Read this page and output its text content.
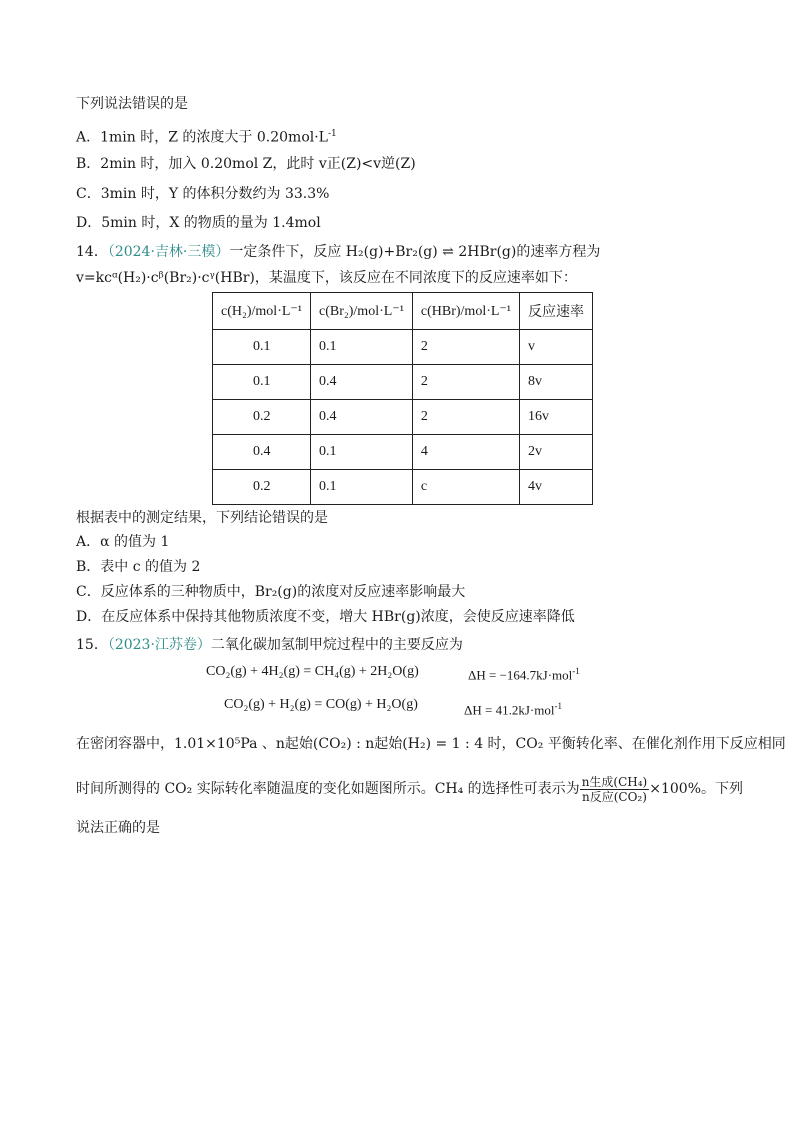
下列说法错误的是
A．1min 时，Z 的浓度大于 $0.20mol\cdot L^{-1}$
B．2min 时，加入 0.20mol Z，此时 v正(Z)<v逆(Z)
C．3min 时，Y 的体积分数约为 33.3%
D．5min 时，X 的物质的量为 1.4mol
14．（2024·吉林·三模）一定条件下，反应 H₂(g)+Br₂(g) ⇌ 2HBr(g)的速率方程为
v=kcᵅ(H₂)·cᵝ(Br₂)·cᵞ(HBr)，某温度下，该反应在不同浓度下的反应速率如下：
c(H₂)/mol·L⁻¹	c(Br₂)/mol·L⁻¹	c(HBr)/mol·L⁻¹	反应速率
0.1	0.1	2	v
0.1	0.4	2	8v
0.2	0.4	2	16v
0.4	0.1	4	2v
0.2	0.1	c	4v
根据表中的测定结果，下列结论错误的是
A．α 的值为 1
B．表中 c 的值为 2
C．反应体系的三种物质中，Br₂(g)的浓度对反应速率影响最大
D．在反应体系中保持其他物质浓度不变，增大 HBr(g)浓度，会使反应速率降低
15．（2023·江苏卷）二氧化碳加氢制甲烷过程中的主要反应为
CO₂(g) + 4H₂(g) = CH₄(g) + 2H₂O(g)	ΔH = −164.7kJ·mol$^{-1}$
CO₂(g) + H₂(g) = CO(g) + H₂O(g)	ΔH = 41.2kJ·mol$^{-1}$
在密闭容器中，1.01×10⁵Pa 、n起始(CO₂) : n起始(H₂) = 1 : 4 时，CO₂ 平衡转化率、在催化剂作用下反应相同
时间所测得的 CO₂ 实际转化率随温度的变化如题图所示。CH₄ 的选择性可表示为 $\frac{\text{n生成(CH₄)}}{\text{n反应(CO₂)}} \times 100\%$。下列
说法正确的是
